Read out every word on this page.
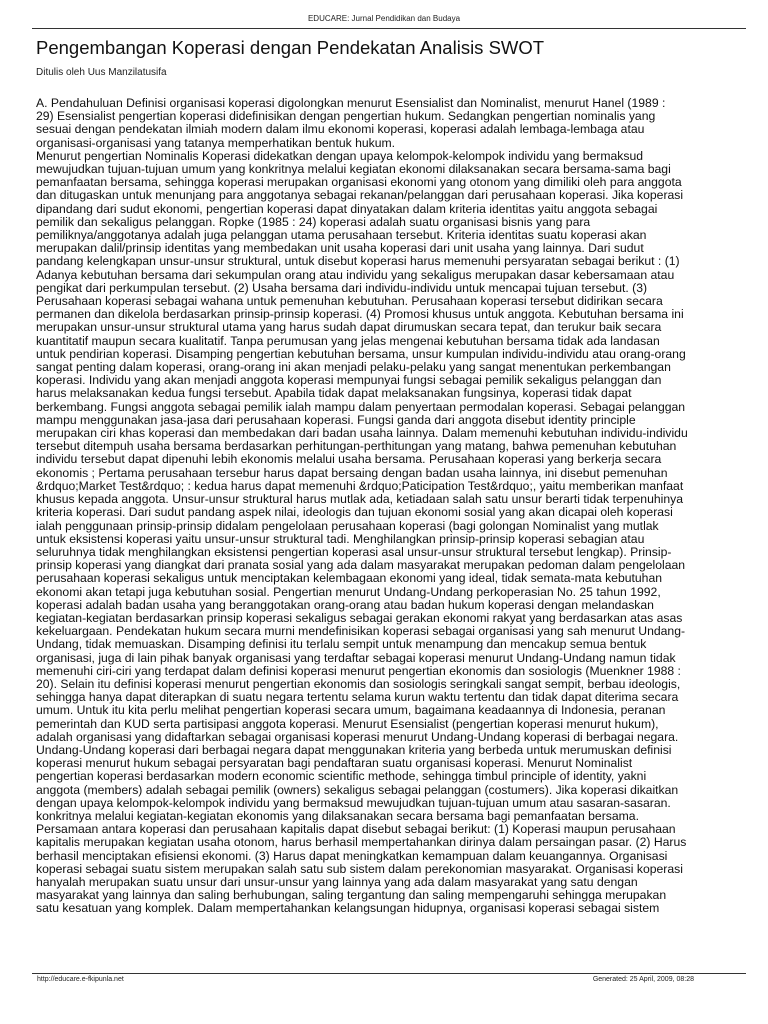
EDUCARE: Jurnal Pendidikan dan Budaya
Pengembangan Koperasi dengan Pendekatan Analisis SWOT
Ditulis oleh Uus Manzilatusifa

A. Pendahuluan Definisi organisasi koperasi digolongkan menurut Esensialist dan Nominalist, menurut Hanel (1989 :
29) Esensialist pengertian koperasi didefinisikan dengan pengertian hukum. Sedangkan pengertian nominalis yang
sesuai dengan pendekatan ilmiah modern dalam ilmu ekonomi koperasi, koperasi adalah lembaga-lembaga atau
organisasi-organisasi yang tatanya memperhatikan bentuk hukum.
Menurut pengertian Nominalis Koperasi didekatkan dengan upaya kelompok-kelompok individu yang bermaksud
mewujudkan tujuan-tujuan umum yang konkritnya melalui kegiatan ekonomi dilaksanakan secara bersama-sama bagi
pemanfaatan bersama, sehingga koperasi merupakan organisasi ekonomi yang otonom yang dimiliki oleh para anggota
dan ditugaskan untuk menunjang para anggotanya sebagai rekanan/pelanggan dari perusahaan koperasi. Jika koperasi
dipandang dari sudut ekonomi, pengertian koperasi dapat dinyatakan dalam kriteria identitas yaitu anggota sebagai
pemilik dan sekaligus pelanggan. Ropke (1985 : 24) koperasi adalah suatu organisasi bisnis yang para
pemiliknya/anggotanya adalah juga pelanggan utama perusahaan tersebut. Kriteria identitas suatu koperasi akan
merupakan dalil/prinsip identitas yang membedakan unit usaha koperasi dari unit usaha yang lainnya. Dari sudut
pandang kelengkapan unsur-unsur struktural, untuk disebut koperasi harus memenuhi persyaratan sebagai berikut : (1)
Adanya kebutuhan bersama dari sekumpulan orang atau individu yang sekaligus merupakan dasar kebersamaan atau
pengikat dari perkumpulan tersebut. (2) Usaha bersama dari individu-individu untuk mencapai tujuan tersebut. (3)
Perusahaan koperasi sebagai wahana untuk pemenuhan kebutuhan. Perusahaan koperasi tersebut didirikan secara
permanen dan dikelola berdasarkan prinsip-prinsip koperasi. (4) Promosi khusus untuk anggota. Kebutuhan bersama ini
merupakan unsur-unsur struktural utama yang harus sudah dapat dirumuskan secara tepat, dan terukur baik secara
kuantitatif maupun secara kualitatif. Tanpa perumusan yang jelas mengenai kebutuhan bersama tidak ada landasan
untuk pendirian koperasi. Disamping pengertian kebutuhan bersama, unsur kumpulan individu-individu atau orang-orang
sangat penting dalam koperasi, orang-orang ini akan menjadi pelaku-pelaku yang sangat menentukan perkembangan
koperasi. Individu yang akan menjadi anggota koperasi mempunyai fungsi sebagai pemilik sekaligus pelanggan dan
harus melaksanakan kedua fungsi tersebut. Apabila tidak dapat melaksanakan fungsinya, koperasi tidak dapat
berkembang. Fungsi anggota sebagai pemilik ialah mampu dalam penyertaan permodalan koperasi. Sebagai pelanggan
mampu menggunakan jasa-jasa dari perusahaan koperasi. Fungsi ganda dari anggota disebut identity principle
merupakan ciri khas koperasi dan membedakan dari badan usaha lainnya. Dalam memenuhi kebutuhan individu-individu
tersebut ditempuh usaha bersama berdasarkan perhitungan-perthitungan yang matang, bahwa pemenuhan kebutuhan
individu tersebut dapat dipenuhi lebih ekonomis melalui usaha bersama. Perusahaan koperasi yang berkerja secara
ekonomis ; Pertama perusahaan tersebur harus dapat bersaing dengan badan usaha lainnya, ini disebut pemenuhan
&rdquo;Market Test&rdquo; : kedua harus dapat memenuhi &rdquo;Paticipation Test&rdquo;, yaitu memberikan manfaat
khusus kepada anggota. Unsur-unsur struktural harus mutlak ada, ketiadaan salah satu unsur berarti tidak terpenuhinya
kriteria koperasi. Dari sudut pandang aspek nilai, ideologis dan tujuan ekonomi sosial yang akan dicapai oleh koperasi
ialah penggunaan prinsip-prinsip didalam pengelolaan perusahaan koperasi (bagi golongan Nominalist yang mutlak
untuk eksistensi koperasi yaitu unsur-unsur struktural tadi. Menghilangkan prinsip-prinsip koperasi sebagian atau
seluruhnya tidak menghilangkan eksistensi pengertian koperasi asal unsur-unsur struktural tersebut lengkap). Prinsip-
prinsip koperasi yang diangkat dari pranata sosial yang ada dalam masyarakat merupakan pedoman dalam pengelolaan
perusahaan koperasi sekaligus untuk menciptakan kelembagaan ekonomi yang ideal, tidak semata-mata kebutuhan
ekonomi akan tetapi juga kebutuhan sosial. Pengertian menurut Undang-Undang perkoperasian No. 25 tahun 1992,
koperasi adalah badan usaha yang beranggotakan orang-orang atau badan hukum koperasi dengan melandaskan
kegiatan-kegiatan berdasarkan prinsip koperasi sekaligus sebagai gerakan ekonomi rakyat yang berdasarkan atas asas
kekeluargaan. Pendekatan hukum secara murni mendefinisikan koperasi sebagai organisasi yang sah menurut Undang-
Undang, tidak memuaskan. Disamping definisi itu terlalu sempit untuk menampung dan mencakup semua bentuk
organisasi, juga di lain pihak banyak organisasi yang terdaftar sebagai koperasi menurut Undang-Undang namun tidak
memenuhi ciri-ciri yang terdapat dalam definisi koperasi menurut pengertian ekonomis dan sosiologis (Muenkner 1988 :
20). Selain itu definisi koperasi menurut pengertian ekonomis dan sosiologis seringkali sangat sempit, berbau ideologis,
sehingga hanya dapat diterapkan di suatu negara tertentu selama kurun waktu tertentu dan tidak dapat diterima secara
umum. Untuk itu kita perlu melihat pengertian koperasi secara umum, bagaimana keadaannya di Indonesia, peranan
pemerintah dan KUD serta partisipasi anggota koperasi. Menurut Esensialist (pengertian koperasi menurut hukum),
adalah organisasi yang didaftarkan sebagai organisasi koperasi menurut Undang-Undang koperasi di berbagai negara.
Undang-Undang koperasi dari berbagai negara dapat menggunakan kriteria yang berbeda untuk merumuskan definisi
koperasi menurut hukum sebagai persyaratan bagi pendaftaran suatu organisasi koperasi. Menurut Nominalist
pengertian koperasi berdasarkan modern economic scientific methode, sehingga timbul principle of identity, yakni
anggota (members) adalah sebagai pemilik (owners) sekaligus sebagai pelanggan (costumers). Jika koperasi dikaitkan
dengan upaya kelompok-kelompok individu yang bermaksud mewujudkan tujuan-tujuan umum atau sasaran-sasaran.
konkritnya melalui kegiatan-kegiatan ekonomis yang dilaksanakan secara bersama bagi pemanfaatan bersama.
Persamaan antara koperasi dan perusahaan kapitalis dapat disebut sebagai berikut: (1) Koperasi maupun perusahaan
kapitalis merupakan kegiatan usaha otonom, harus berhasil mempertahankan dirinya dalam persaingan pasar. (2) Harus
berhasil menciptakan efisiensi ekonomi. (3) Harus dapat meningkatkan kemampuan dalam keuangannya. Organisasi
koperasi sebagai suatu sistem merupakan salah satu sub sistem dalam perekonomian masyarakat. Organisasi koperasi
hanyalah merupakan suatu unsur dari unsur-unsur yang lainnya yang ada dalam masyarakat yang satu dengan
masyarakat yang lainnya dan saling berhubungan, saling tergantung dan saling mempengaruhi sehingga merupakan
satu kesatuan yang komplek. Dalam mempertahankan kelangsungan hidupnya, organisasi koperasi sebagai sistem

http://educare.e-fkipunla.net	Generated: 25 April, 2009, 08:28
